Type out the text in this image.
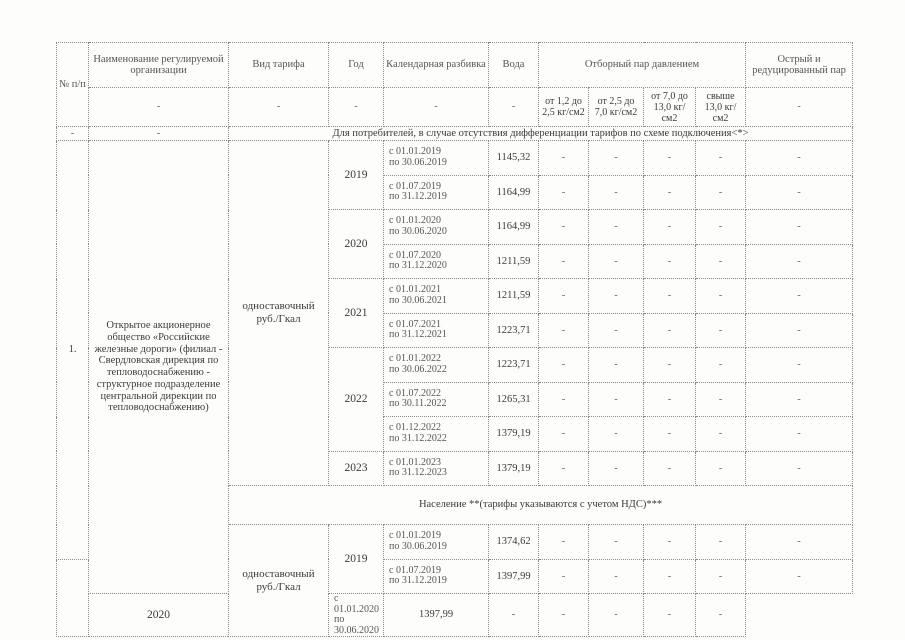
№ п/п	Наименование регулируемой организации	Вид тарифа	Год	Календарная разбивка	Вода	Отборный пар давлением				Острый и редуцированный пар
	-	-	-	-	-	от 1,2 до 2,5 кг/см2	от 2,5 до 7,0 кг/см2	от 7,0 до 13,0 кг/см2	свыше 13,0 кг/см2	-
-	-	Для потребителей, в случае отсутствия дифференциации тарифов по схеме подключения<*>								
1.	Открытое акционерное общество «Российские железные дороги» (филиал - Свердловская дирекция по тепловодоснабжению - структурное подразделение центральной дирекции по тепловодоснабжению)	одноставочный руб./Гкал	2019	с 01.01.2019
по 30.06.2019	1145,32	-	-	-	-	-
				с 01.07.2019
по 31.12.2019	1164,99	-	-	-	-	-
			2020	с 01.01.2020
по 30.06.2020	1164,99	-	-	-	-	-
				с 01.07.2020
по 31.12.2020	1211,59	-	-	-	-	-
			2021	с 01.01.2021
по 30.06.2021	1211,59	-	-	-	-	-
				с 01.07.2021
по 31.12.2021	1223,71	-	-	-	-	-
			2022	с 01.01.2022
по 30.06.2022	1223,71	-	-	-	-	-
				с 01.07.2022
по 30.11.2022	1265,31	-	-	-	-	-
				с 01.12.2022
по 31.12.2022	1379,19	-	-	-	-	-
			2023	с 01.01.2023
по 31.12.2023	1379,19	-	-	-	-	-
		Население **(тарифы указываются с учетом НДС)***								
		одноставочный руб./Гкал	2019	с 01.01.2019
по 30.06.2019	1374,62	-	-	-	-	-
				с 01.07.2019
по 31.12.2019	1397,99	-	-	-	-	-
	2020		с 01.01.2020
по 30.06.2020	1397,99	-	-	-	-	-	
